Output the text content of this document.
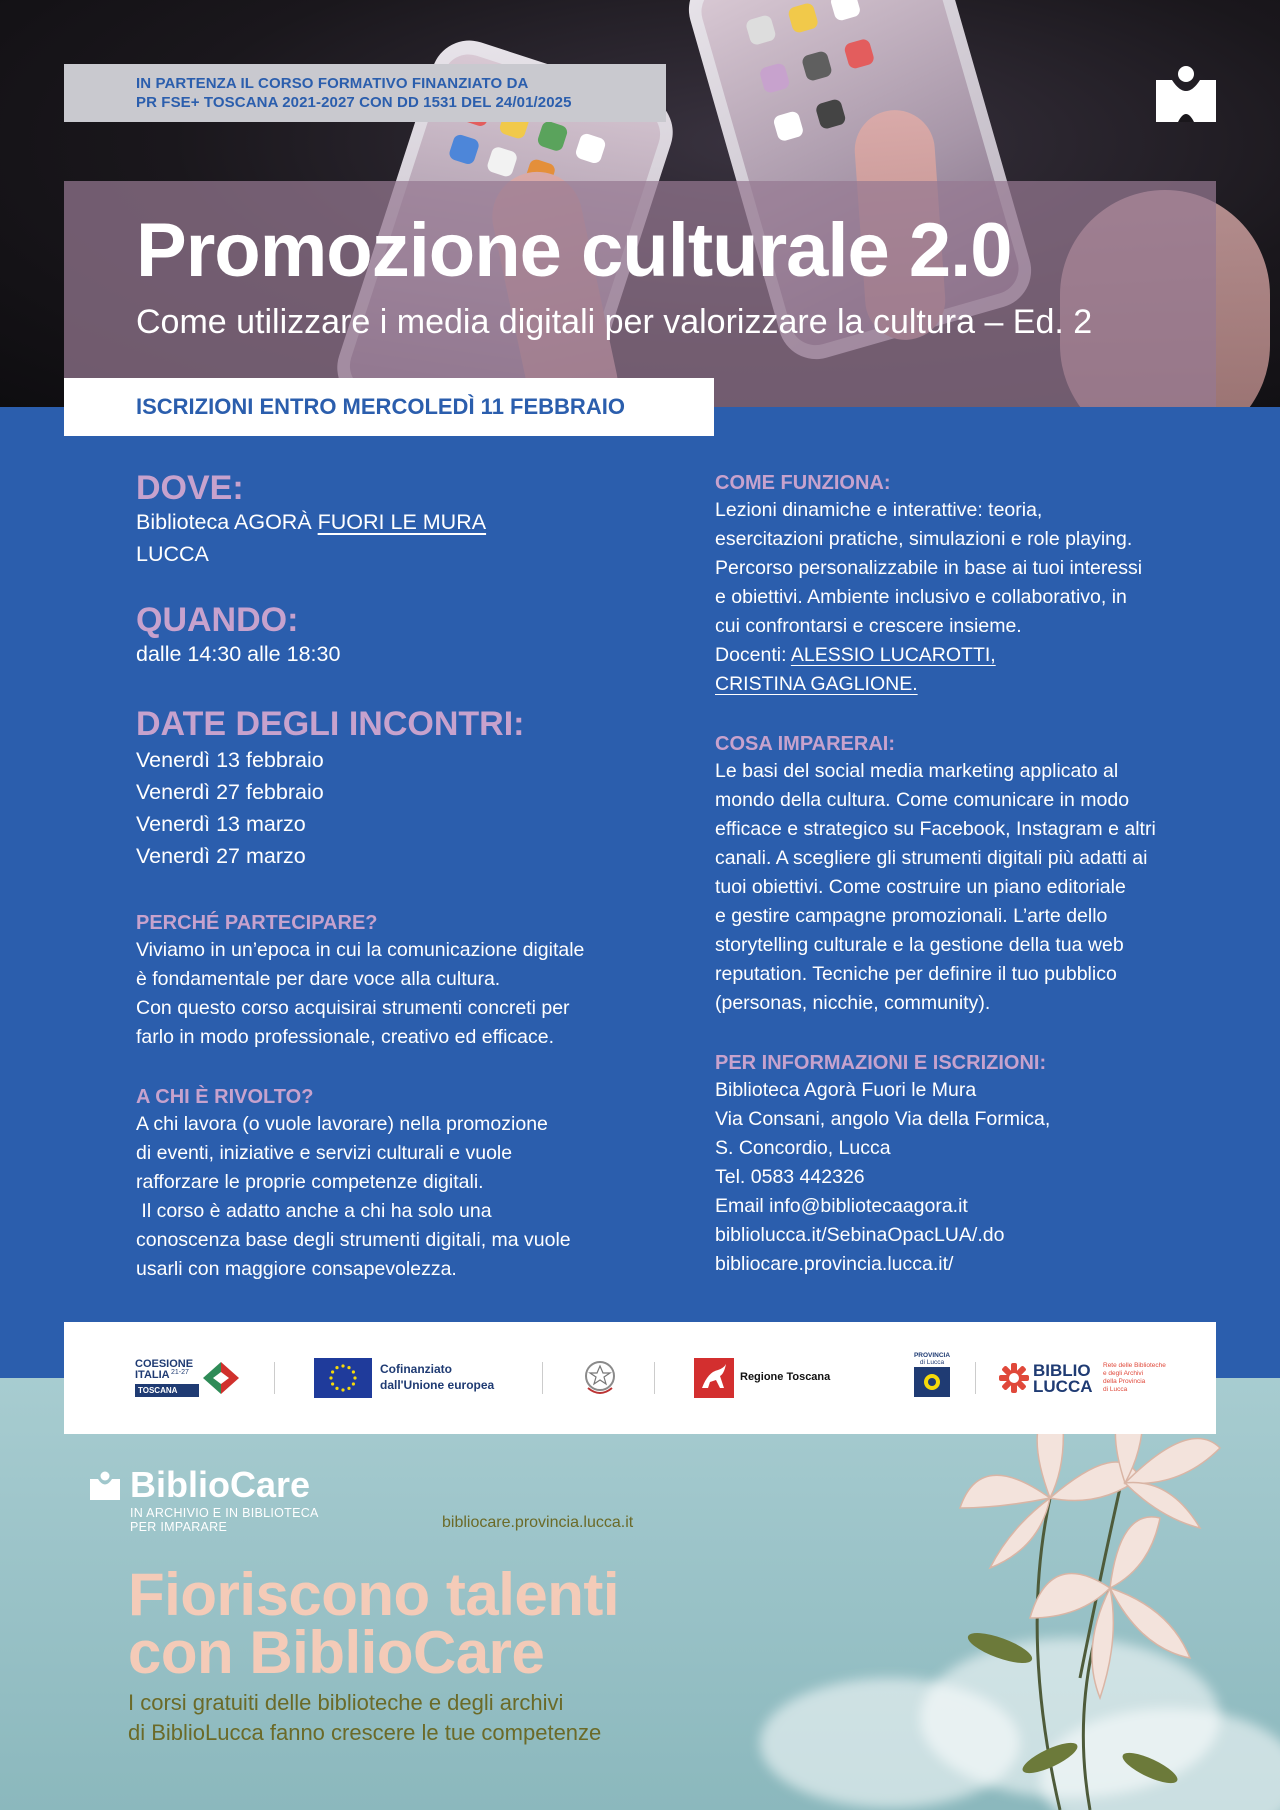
IN PARTENZA IL CORSO FORMATIVO FINANZIATO DA
PR FSE+ TOSCANA 2021-2027 CON DD 1531 DEL 24/01/2025
Promozione culturale 2.0
Come utilizzare i media digitali per valorizzare la cultura – Ed. 2
ISCRIZIONI ENTRO MERCOLEDÌ 11 FEBBRAIO
DOVE:
Biblioteca AGORÀ FUORI LE MURA
LUCCA
QUANDO:
dalle 14:30 alle 18:30
DATE DEGLI INCONTRI:
Venerdì 13 febbraio
Venerdì 27 febbraio
Venerdì 13 marzo
Venerdì 27 marzo
PERCHÉ PARTECIPARE?
Viviamo in un’epoca in cui la comunicazione digitale
è fondamentale per dare voce alla cultura.
Con questo corso acquisirai strumenti concreti per
farlo in modo professionale, creativo ed efficace.
A CHI È RIVOLTO?
A chi lavora (o vuole lavorare) nella promozione
di eventi, iniziative e servizi culturali e vuole
rafforzare le proprie competenze digitali.
Il corso è adatto anche a chi ha solo una
conoscenza base degli strumenti digitali, ma vuole
usarli con maggiore consapevolezza.
COME FUNZIONA:
Lezioni dinamiche e interattive: teoria,
esercitazioni pratiche, simulazioni e role playing.
Percorso personalizzabile in base ai tuoi interessi
e obiettivi. Ambiente inclusivo e collaborativo, in
cui confrontarsi e crescere insieme.
Docenti: ALESSIO LUCAROTTI,
CRISTINA GAGLIONE.
COSA IMPARERAI:
Le basi del social media marketing applicato al
mondo della cultura. Come comunicare in modo
efficace e strategico su Facebook, Instagram e altri
canali. A scegliere gli strumenti digitali più adatti ai
tuoi obiettivi. Come costruire un piano editoriale
e gestire campagne promozionali. L’arte dello
storytelling culturale e la gestione della tua web
reputation. Tecniche per definire il tuo pubblico
(personas, nicchie, community).
PER INFORMAZIONI E ISCRIZIONI:
Biblioteca Agorà Fuori le Mura
Via Consani, angolo Via della Formica,
S. Concordio, Lucca
Tel. 0583 442326
Email info@bibliotecaagora.it
bibliolucca.it/SebinaOpacLUA/.do
bibliocare.provincia.lucca.it/
BiblioCare
IN ARCHIVIO E IN BIBLIOTECA
PER IMPARARE	bibliocare.provincia.lucca.it
Fioriscono talenti
con BiblioCare
I corsi gratuiti delle biblioteche e degli archivi
di BiblioLucca fanno crescere le tue competenze
COESIONE
ITALIA 21-27
TOSCANA
Cofinanziato
dall'Unione europea
Regione Toscana
PROVINCIA
di Lucca	BIBLIO
LUCCA
Rete delle Biblioteche
e degli Archivi
della Provincia
di Lucca
